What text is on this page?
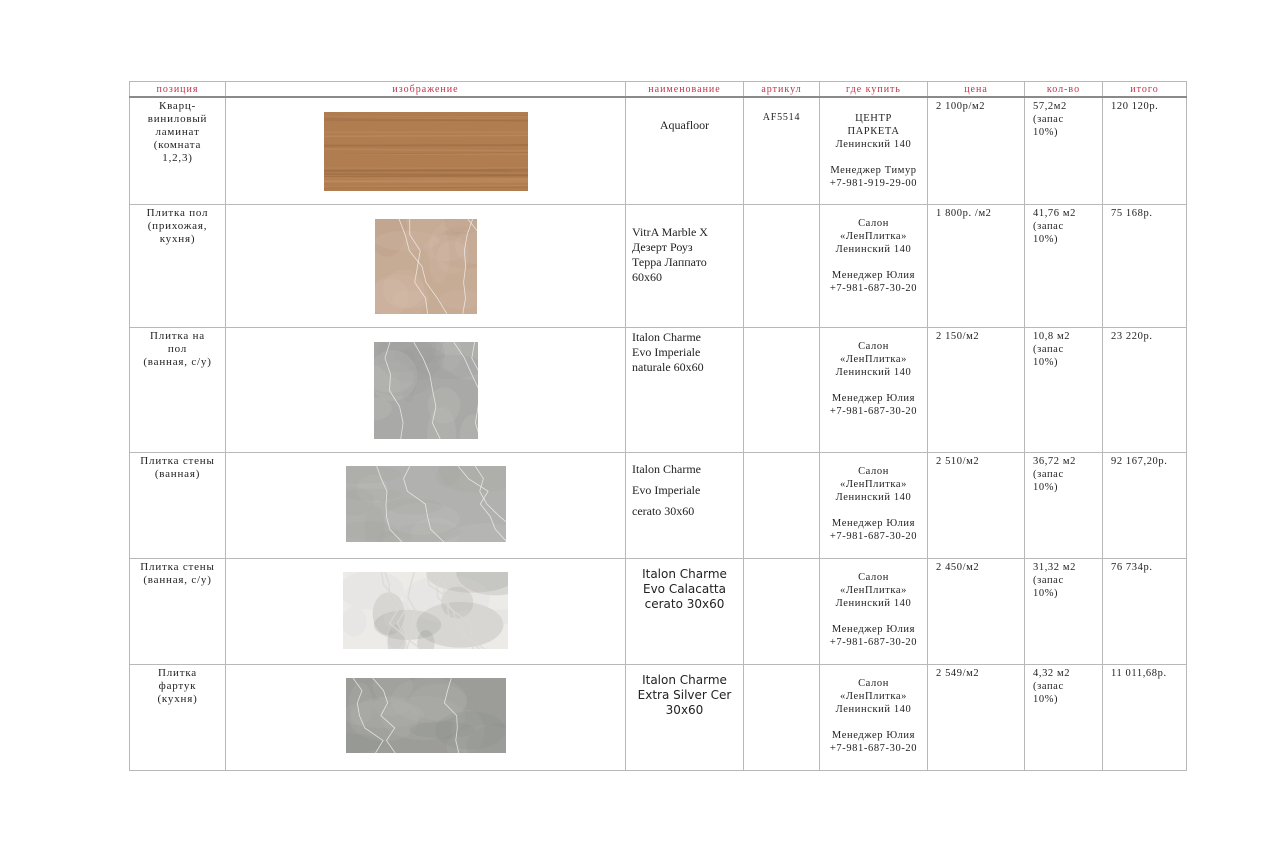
позиция	изображение	наименование	артикул	где купить	цена	кол-во	итого

Кварц-
виниловый
ламинат
(комната
1,2,3)		Aquafloor	AF5514	ЦЕНТР
ПАРКЕТА
Ленинский 140
Менеджер Тимур
+7-981-919-29-00	2 100р/м2	57,2м2
(запас
10%)	120 120р.

Плитка пол
(прихожая,
кухня)		VitrA Marble X
Дезерт Роуз
Терра Лаппато
60x60		Салон
«ЛенПлитка»
Ленинский 140
Менеджер Юлия
+7-981-687-30-20	1 800р. /м2	41,76 м2
(запас
10%)	75 168р.

Плитка на
пол
(ванная, с/у)		Italon Charme
Evo Imperiale
naturale 60x60		Салон
«ЛенПлитка»
Ленинский 140
Менеджер Юлия
+7-981-687-30-20	2 150/м2	10,8 м2
(запас
10%)	23 220р.

Плитка стены
(ванная)		Italon Charme
Evo Imperiale
cerato 30x60		Салон
«ЛенПлитка»
Ленинский 140
Менеджер Юлия
+7-981-687-30-20	2 510/м2	36,72 м2
(запас
10%)	92 167,20р.

Плитка стены
(ванная, с/у)		Italon Charme
Evo Calacatta
cerato 30x60		Салон
«ЛенПлитка»
Ленинский 140
Менеджер Юлия
+7-981-687-30-20	2 450/м2	31,32 м2
(запас
10%)	76 734р.

Плитка
фартук
(кухня)		Italon Charme
Extra Silver Cer
30x60		Салон
«ЛенПлитка»
Ленинский 140
Менеджер Юлия
+7-981-687-30-20	2 549/м2	4,32 м2
(запас
10%)	11 011,68р.
